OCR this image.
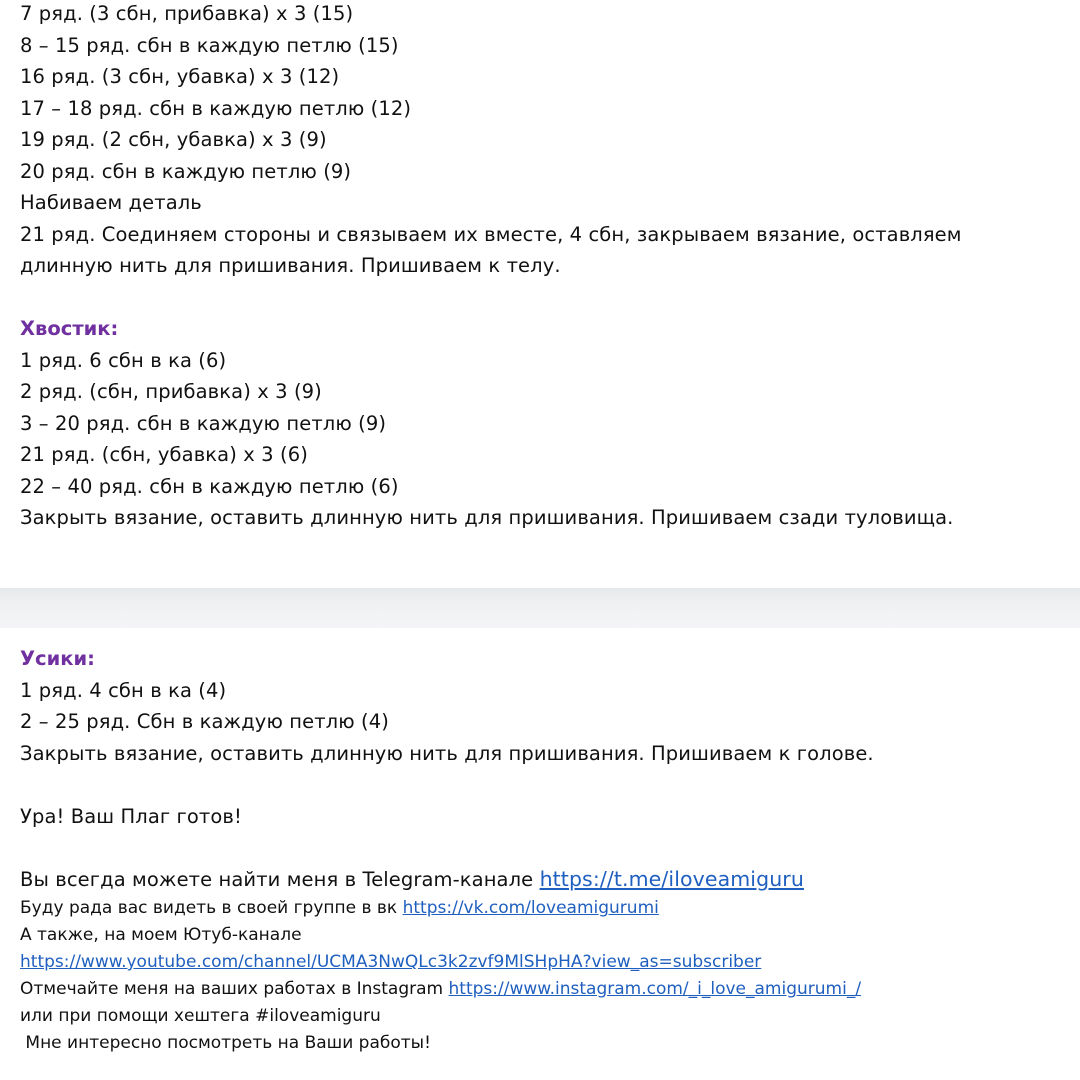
7 ряд. (3 сбн, прибавка) х 3 (15)
8 – 15 ряд. сбн в каждую петлю (15)
16 ряд. (3 сбн, убавка) х 3 (12)
17 – 18 ряд. сбн в каждую петлю (12)
19 ряд. (2 сбн, убавка) х 3 (9)
20 ряд. сбн в каждую петлю (9)
Набиваем деталь
21 ряд. Соединяем стороны и связываем их вместе, 4 сбн, закрываем вязание, оставляем
длинную нить для пришивания. Пришиваем к телу.
Хвостик:
1 ряд. 6 сбн в ка (6)
2 ряд. (сбн, прибавка) х 3 (9)
3 – 20 ряд. сбн в каждую петлю (9)
21 ряд. (сбн, убавка) х 3 (6)
22 – 40 ряд. сбн в каждую петлю (6)
Закрыть вязание, оставить длинную нить для пришивания. Пришиваем сзади туловища.
Усики:
1 ряд. 4 сбн в ка (4)
2 – 25 ряд. Сбн в каждую петлю (4)
Закрыть вязание, оставить длинную нить для пришивания. Пришиваем к голове.
Ура! Ваш Плаг готов!
Вы всегда можете найти меня в Telegram-канале https://t.me/iloveamiguru
Буду рада вас видеть в своей группе в вк https://vk.com/loveamigurumi
А также, на моем Ютуб-канале
https://www.youtube.com/channel/UCMA3NwQLc3k2zvf9MlSHpHA?view_as=subscriber
Отмечайте меня на ваших работах в Instagram https://www.instagram.com/_i_love_amigurumi_/
или при помощи хештега #iloveamiguru
Мне интересно посмотреть на Ваши работы!
